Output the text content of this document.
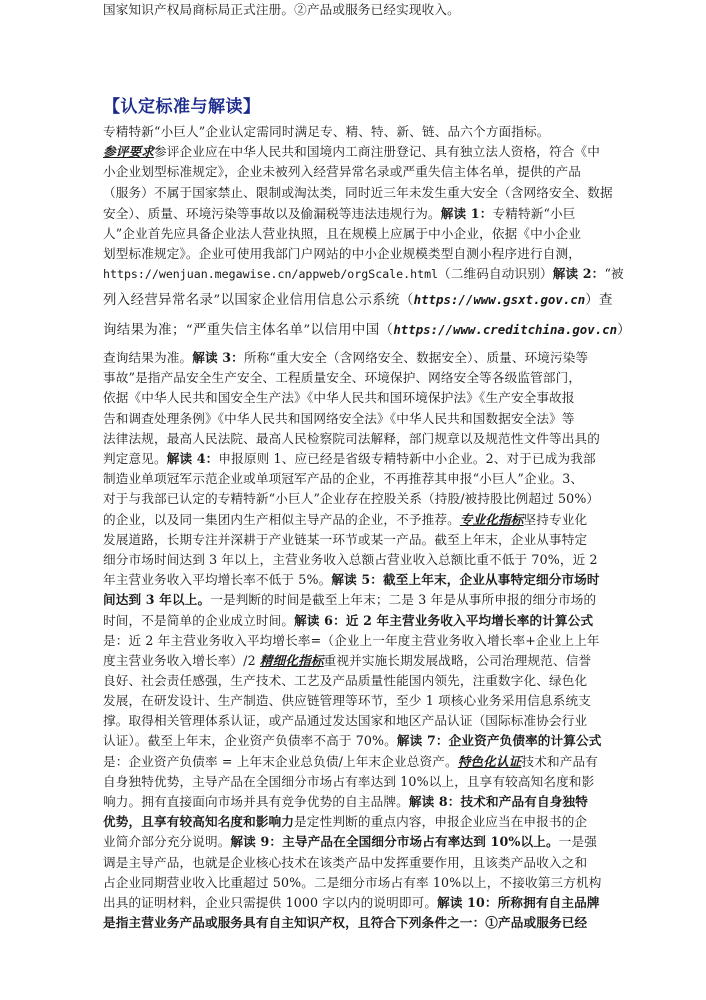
【认定标准与解读】
专精特新“小巨人”企业认定需同时满足专、精、特、新、链、品六个方面指标。
参评要求参评企业应在中华人民共和国境内工商注册登记、具有独立法人资格，符合《中
小企业划型标准规定》，企业未被列入经营异常名录或严重失信主体名单，提供的产品
（服务）不属于国家禁止、限制或淘汰类，同时近三年未发生重大安全（含网络安全、数据
安全）、质量、环境污染等事故以及偷漏税等违法违规行为。解读 1：专精特新“小巨
人”企业首先应具备企业法人营业执照，且在规模上应属于中小企业，依据《中小企业
划型标准规定》。企业可使用我部门户网站的中小企业规模类型自测小程序进行自测，
https://wenjuan.megawise.cn/appweb/orgScale.html（二维码自动识别）解读 2：“被
列入经营异常名录”以国家企业信用信息公示系统（https://www.gsxt.gov.cn）查
询结果为准；“严重失信主体名单”以信用中国（https://www.creditchina.gov.cn）
查询结果为准。解读 3：所称“重大安全（含网络安全、数据安全）、质量、环境污染等
事故”是指产品安全生产安全、工程质量安全、环境保护、网络安全等各级监管部门，
依据《中华人民共和国安全生产法》《中华人民共和国环境保护法》《生产安全事故报
告和调查处理条例》《中华人民共和国网络安全法》《中华人民共和国数据安全法》等
法律法规，最高人民法院、最高人民检察院司法解释，部门规章以及规范性文件等出具的
判定意见。解读 4：申报原则 1、应已经是省级专精特新中小企业。2、对于已成为我部
制造业单项冠军示范企业或单项冠军产品的企业，不再推荐其申报“小巨人”企业。3、
对于与我部已认定的专精特新“小巨人”企业存在控股关系（持股/被持股比例超过 50%）
的企业，以及同一集团内生产相似主导产品的企业，不予推荐。专业化指标坚持专业化
发展道路，长期专注并深耕于产业链某一环节或某一产品。截至上年末，企业从事特定
细分市场时间达到 3 年以上，主营业务收入总额占营业收入总额比重不低于 70%，近 2
年主营业务收入平均增长率不低于 5%。解读 5：截至上年末，企业从事特定细分市场时
间达到 3 年以上。一是判断的时间是截至上年末；二是 3 年是从事所申报的细分市场的
时间，不是简单的企业成立时间。解读 6：近 2 年主营业务收入平均增长率的计算公式
是：近 2 年主营业务收入平均增长率=（企业上一年度主营业务收入增长率+企业上上年
度主营业务收入增长率）/2 精细化指标重视并实施长期发展战略，公司治理规范、信誉
良好、社会责任感强，生产技术、工艺及产品质量性能国内领先，注重数字化、绿色化
发展，在研发设计、生产制造、供应链管理等环节，至少 1 项核心业务采用信息系统支
撑。取得相关管理体系认证，或产品通过发达国家和地区产品认证（国际标准协会行业
认证）。截至上年末，企业资产负债率不高于 70%。解读 7：企业资产负债率的计算公式
是：企业资产负债率 = 上年末企业总负债/上年末企业总资产。特色化认证技术和产品有
自身独特优势，主导产品在全国细分市场占有率达到 10%以上，且享有较高知名度和影
响力。拥有直接面向市场并具有竞争优势的自主品牌。解读 8：技术和产品有自身独特
优势，且享有较高知名度和影响力是定性判断的重点内容，申报企业应当在申报书的企
业简介部分充分说明。解读 9：主导产品在全国细分市场占有率达到 10%以上。一是强
调是主导产品，也就是企业核心技术在该类产品中发挥重要作用，且该类产品收入之和
占企业同期营业收入比重超过 50%。二是细分市场占有率 10%以上，不接收第三方机构
出具的证明材料，企业只需提供 1000 字以内的说明即可。解读 10：所称拥有自主品牌
是指主营业务产品或服务具有自主知识产权，且符合下列条件之一：①产品或服务已经
国家知识产权局商标局正式注册。②产品或服务已经实现收入。
